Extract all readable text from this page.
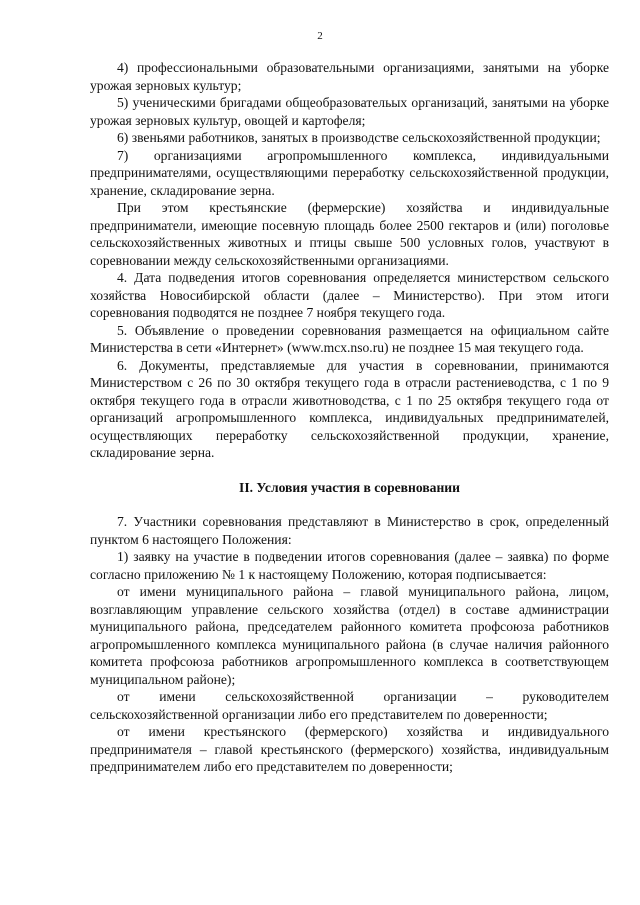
2

4) профессиональными образовательными организациями, занятыми на уборке урожая зерновых культур;

5) ученическими бригадами общеобразовательых организаций, занятыми на уборке урожая зерновых культур, овощей и картофеля;

6) звеньями работников, занятых в производстве сельскохозяйственной продукции;

7) организациями агропромышленного комплекса, индивидуальными предпринимателями, осуществляющими переработку сельскохозяйственной продукции, хранение, складирование зерна.

При этом крестьянские (фермерские) хозяйства и индивидуальные предприниматели, имеющие посевную площадь более 2500 гектаров и (или) поголовье сельскохозяйственных животных и птицы свыше 500 условных голов, участвуют в соревновании между сельскохозяйственными организациями.

4. Дата подведения итогов соревнования определяется министерством сельского хозяйства Новосибирской области (далее – Министерство). При этом итоги соревнования подводятся не позднее 7 ноября текущего года.

5. Объявление о проведении соревнования размещается на официальном сайте Министерства в сети «Интернет» (www.mcx.nso.ru) не позднее 15 мая текущего года.

6. Документы, представляемые для участия в соревновании, принимаются Министерством с 26 по 30 октября текущего года в отрасли растениеводства, с 1 по 9 октября текущего года в отрасли животноводства, с 1 по 25 октября текущего года от организаций агропромышленного комплекса, индивидуальных предпринимателей, осуществляющих переработку сельскохозяйственной продукции, хранение, складирование зерна.

II. Условия участия в соревновании

7. Участники соревнования представляют в Министерство в срок, определенный пунктом 6 настоящего Положения:

1) заявку на участие в подведении итогов соревнования (далее – заявка) по форме согласно приложению № 1 к настоящему Положению, которая подписывается:

от имени муниципального района – главой муниципального района, лицом, возглавляющим управление сельского хозяйства (отдел) в составе администрации муниципального района, председателем районного комитета профсоюза работников агропромышленного комплекса муниципального района (в случае наличия районного комитета профсоюза работников агропромышленного комплекса в соответствующем муниципальном районе);

от имени сельскохозяйственной организации – руководителем сельскохозяйственной организации либо его представителем по доверенности;

от имени крестьянского (фермерского) хозяйства и индивидуального предпринимателя – главой крестьянского (фермерского) хозяйства, индивидуальным предпринимателем либо его представителем по доверенности;
